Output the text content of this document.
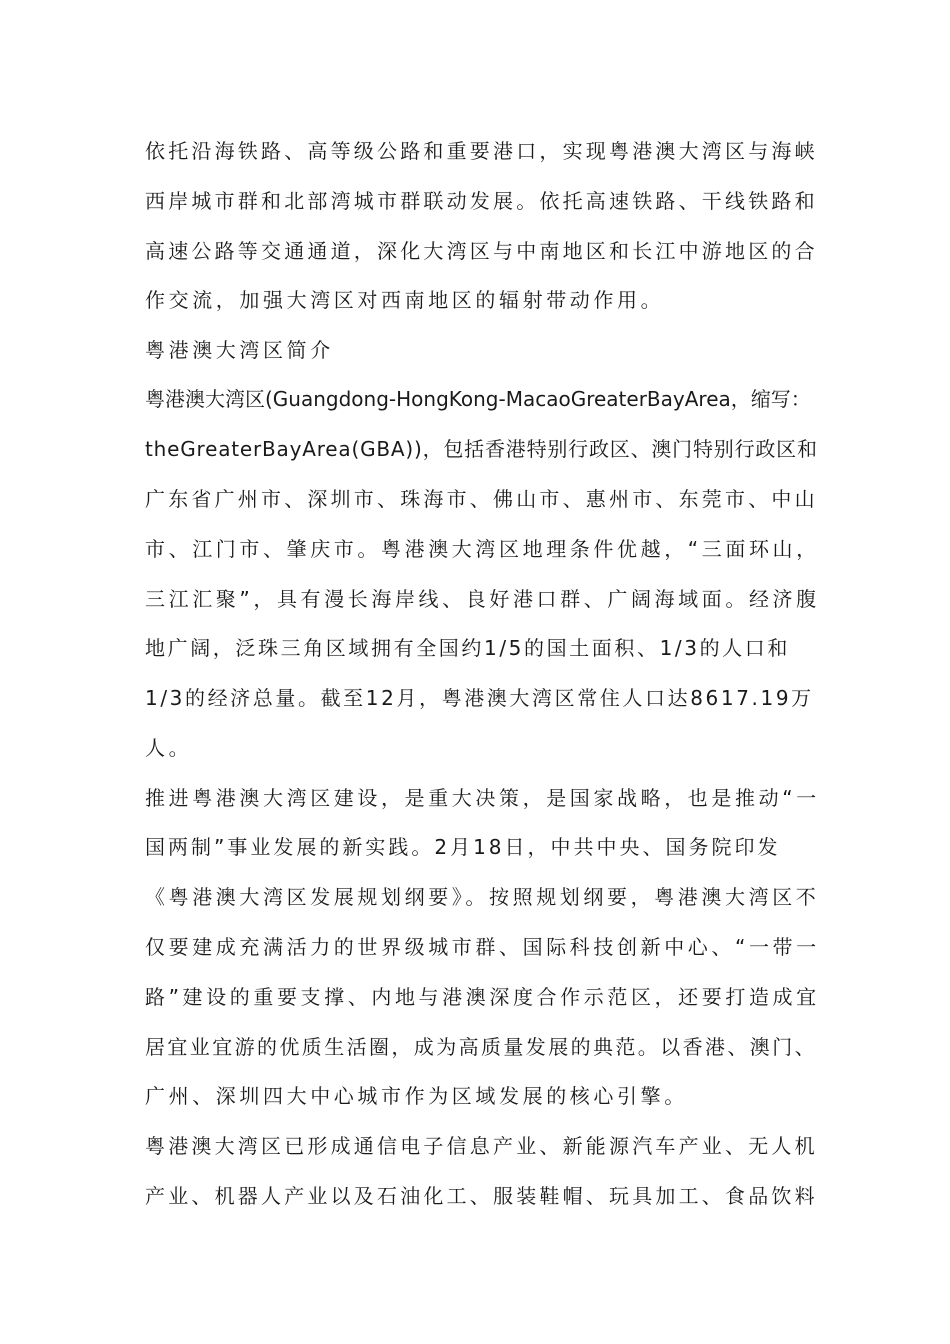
依托沿海铁路、高等级公路和重要港口，实现粤港澳大湾区与海峡
西岸城市群和北部湾城市群联动发展。依托高速铁路、干线铁路和
高速公路等交通通道，深化大湾区与中南地区和长江中游地区的合
作交流，加强大湾区对西南地区的辐射带动作用。
粤港澳大湾区简介
粤港澳大湾区(Guangdong-HongKong-MacaoGreaterBayArea，缩写：
theGreaterBayArea(GBA))，包括香港特别行政区、澳门特别行政区和
广东省广州市、深圳市、珠海市、佛山市、惠州市、东莞市、中山
市、江门市、肇庆市。粤港澳大湾区地理条件优越，“三面环山，
三江汇聚”，具有漫长海岸线、良好港口群、广阔海域面。经济腹
地广阔，泛珠三角区域拥有全国约1/5的国土面积、1/3的人口和
1/3的经济总量。截至12月，粤港澳大湾区常住人口达8617.19万
人。
推进粤港澳大湾区建设，是重大决策，是国家战略，也是推动“一
国两制”事业发展的新实践。2月18日，中共中央、国务院印发
《粤港澳大湾区发展规划纲要》。按照规划纲要，粤港澳大湾区不
仅要建成充满活力的世界级城市群、国际科技创新中心、“一带一
路”建设的重要支撑、内地与港澳深度合作示范区，还要打造成宜
居宜业宜游的优质生活圈，成为高质量发展的典范。以香港、澳门、
广州、深圳四大中心城市作为区域发展的核心引擎。
粤港澳大湾区已形成通信电子信息产业、新能源汽车产业、无人机
产业、机器人产业以及石油化工、服装鞋帽、玩具加工、食品饮料
